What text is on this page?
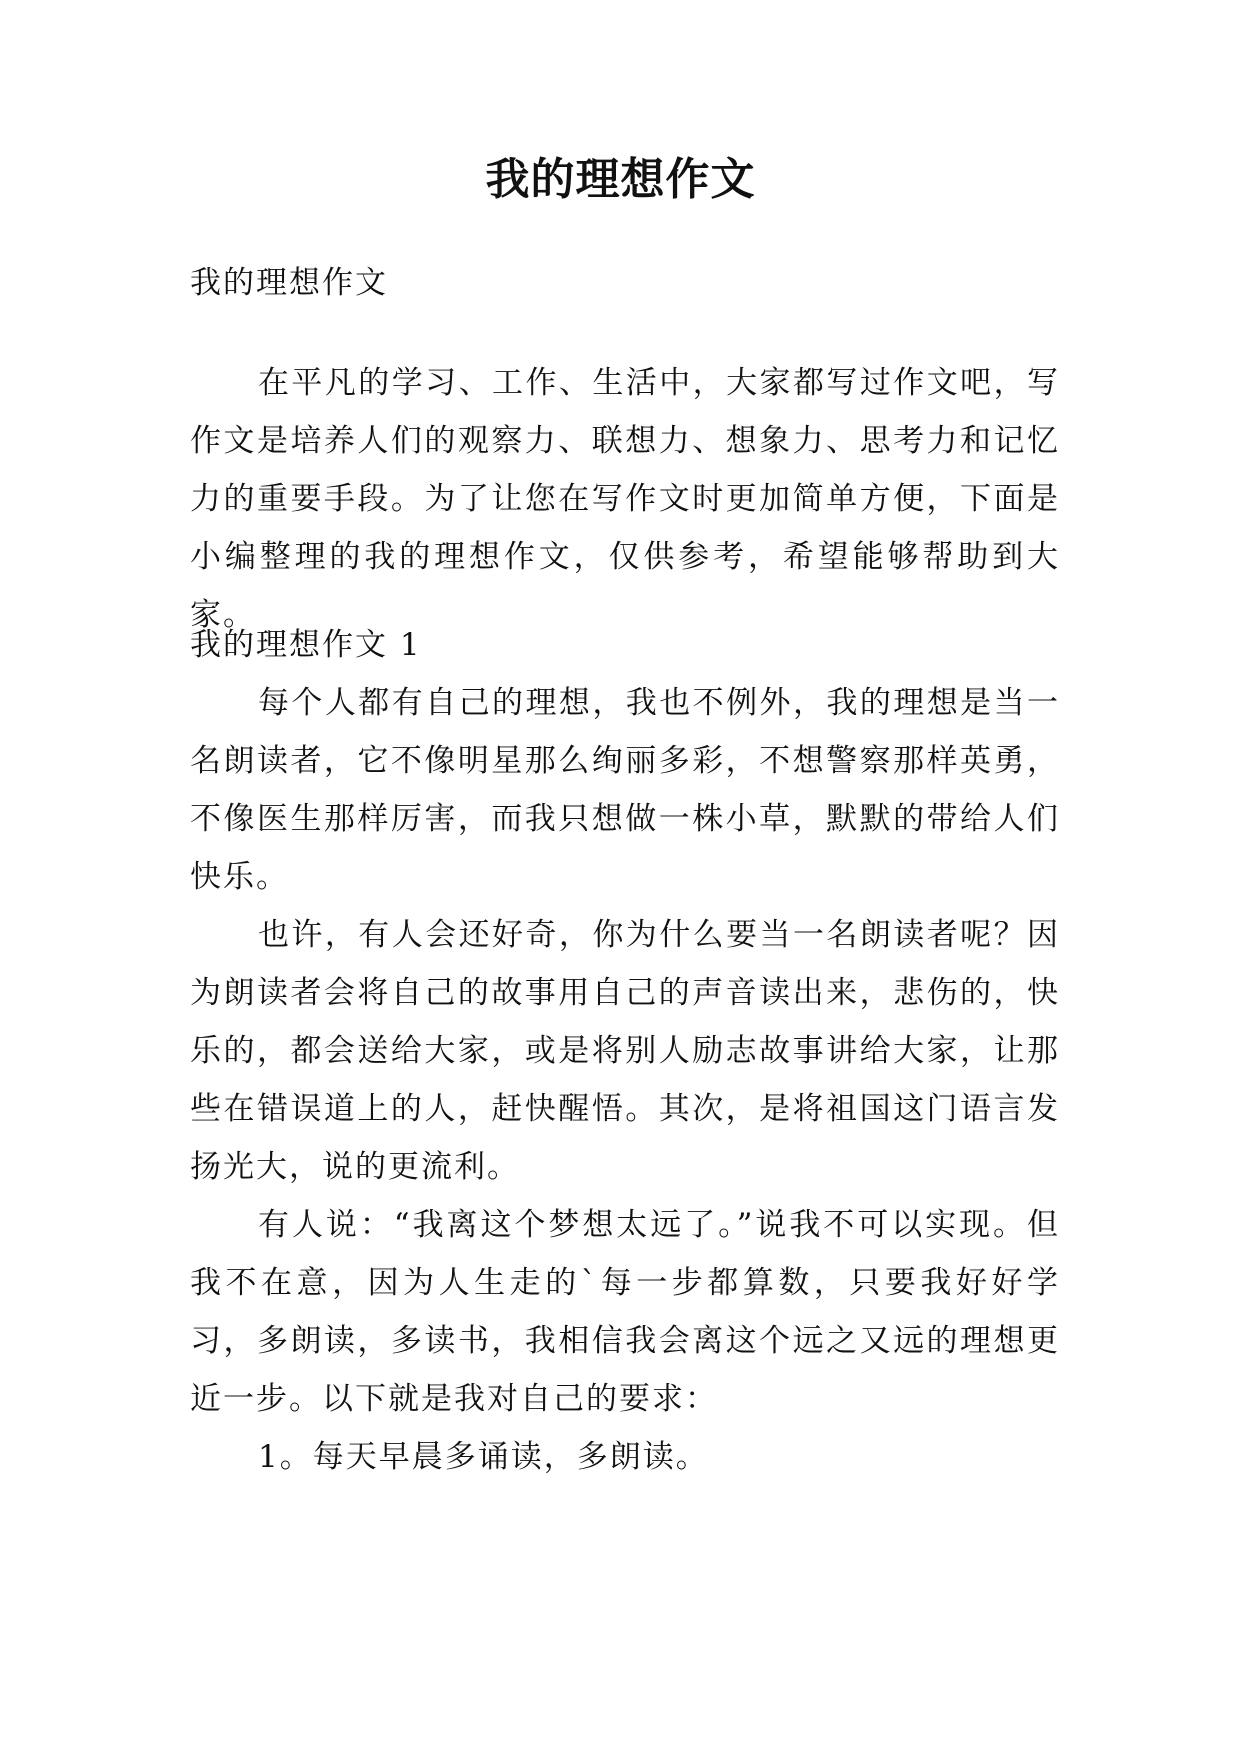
我的理想作文

我的理想作文

在平凡的学习、工作、生活中，大家都写过作文吧，写作文是培养人们的观察力、联想力、想象力、思考力和记忆力的重要手段。为了让您在写作文时更加简单方便，下面是小编整理的我的理想作文，仅供参考，希望能够帮助到大家。

我的理想作文 1

每个人都有自己的理想，我也不例外，我的理想是当一名朗读者，它不像明星那么绚丽多彩，不想警察那样英勇，不像医生那样厉害，而我只想做一株小草，默默的带给人们快乐。

也许，有人会还好奇，你为什么要当一名朗读者呢？因为朗读者会将自己的故事用自己的声音读出来，悲伤的，快乐的，都会送给大家，或是将别人励志故事讲给大家，让那些在错误道上的人，赶快醒悟。其次，是将祖国这门语言发扬光大，说的更流利。

有人说：“我离这个梦想太远了。”说我不可以实现。但我不在意，因为人生走的`每一步都算数，只要我好好学习，多朗读，多读书，我相信我会离这个远之又远的理想更近一步。以下就是我对自己的要求：

1。每天早晨多诵读，多朗读。
